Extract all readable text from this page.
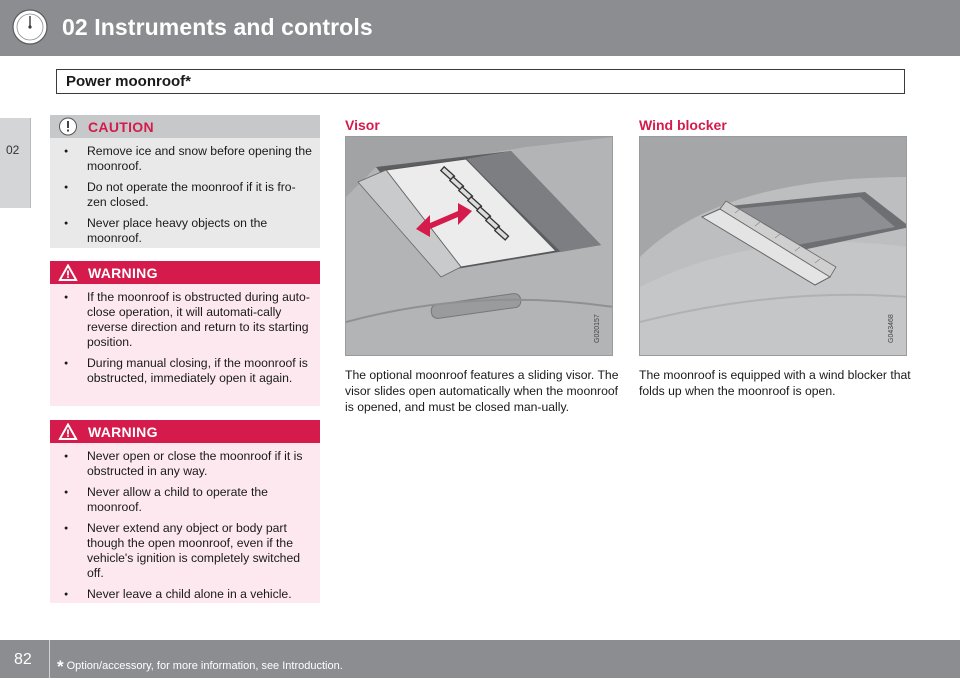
02 Instruments and controls
Power moonroof*
02
CAUTION
● Remove ice and snow before opening the moonroof.
● Do not operate the moonroof if it is fro-zen closed.
● Never place heavy objects on the moonroof.
WARNING
● If the moonroof is obstructed during auto-close operation, it will automati-cally reverse direction and return to its starting position.
● During manual closing, if the moonroof is obstructed, immediately open it again.
WARNING
● Never open or close the moonroof if it is obstructed in any way.
● Never allow a child to operate the moonroof.
● Never extend any object or body part though the open moonroof, even if the vehicle's ignition is completely switched off.
● Never leave a child alone in a vehicle.
Visor
G020157
The optional moonroof features a sliding visor. The visor slides open automatically when the moonroof is opened, and must be closed man-ually.
Wind blocker
G043468
The moonroof is equipped with a wind blocker that folds up when the moonroof is open.
82 * Option/accessory, for more information, see Introduction.
